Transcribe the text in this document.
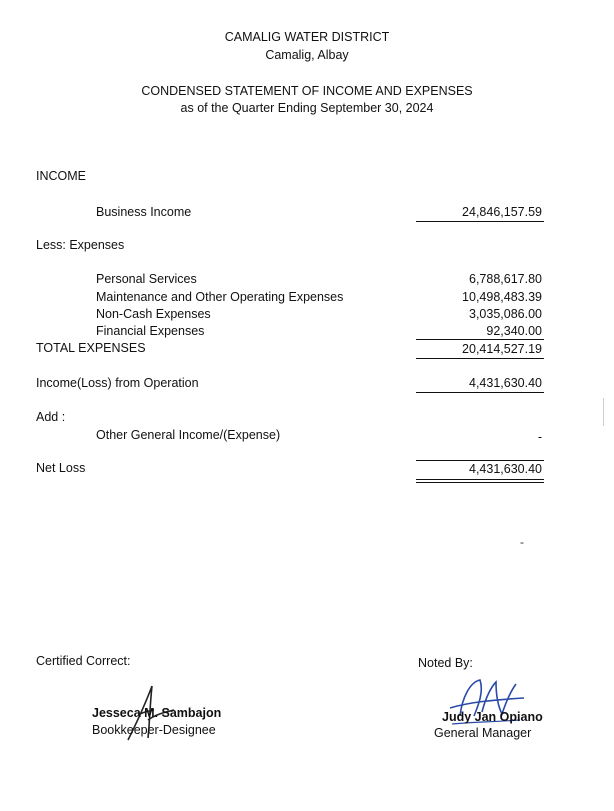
CAMALIG WATER DISTRICT
Camalig, Albay
CONDENSED STATEMENT OF INCOME AND EXPENSES
as of the Quarter Ending September 30, 2024
INCOME
Business Income	24,846,157.59
Less: Expenses
Personal Services	6,788,617.80
Maintenance and Other Operating Expenses	10,498,483.39
Non-Cash Expenses	3,035,086.00
Financial Expenses	92,340.00
TOTAL EXPENSES	20,414,527.19
Income(Loss) from Operation	4,431,630.40
Add :
Other General Income/(Expense)	-
Net Loss	4,431,630.40
-
Certified Correct:
Jesseca M. Sambajon
Bookkeeper-Designee
Noted By:
Judy Jan Opiano
General Manager
